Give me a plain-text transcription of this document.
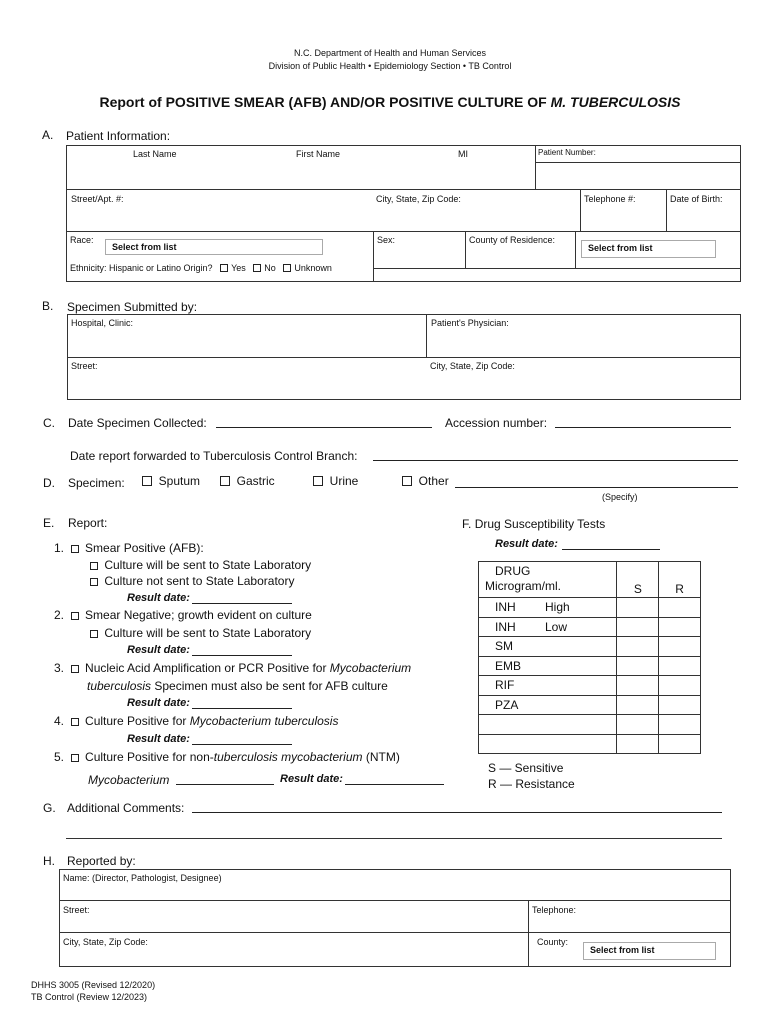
N.C. Department of Health and Human Services
Division of Public Health • Epidemiology Section • TB Control
Report of POSITIVE SMEAR (AFB) AND/OR POSITIVE CULTURE OF M. TUBERCULOSIS
A. Patient Information:
Last Name	First Name	MI	Patient Number:
Street/Apt. #:	City, State, Zip Code:	Telephone #:	Date of Birth:
Race:
Select from list
Sex:	County of Residence:
Select from list
Ethnicity: Hispanic or Latino Origin? Yes No Unknown
B. Specimen Submitted by:
Hospital, Clinic:	Patient's Physician:
Street:	City, State, Zip Code:
C. Date Specimen Collected:	Accession number:
Date report forwarded to Tuberculosis Control Branch:
D. Specimen:	Sputum	Gastric	Urine	Other
(Specify)
E. Report:
1. Smear Positive (AFB):
Culture will be sent to State Laboratory
Culture not sent to State Laboratory
Result date:
2. Smear Negative; growth evident on culture
Culture will be sent to State Laboratory
Result date:
3. Nucleic Acid Amplification or PCR Positive for Mycobacterium
tuberculosis Specimen must also be sent for AFB culture
Result date:
4. Culture Positive for Mycobacterium tuberculosis
Result date:
5. Culture Positive for non-tuberculosis mycobacterium (NTM)
Mycobacterium	Result date:
F. Drug Susceptibility Tests
Result date:
DRUG
Microgram/ml.	S	R
INH High		
INH Low		
SM		
EMB		
RIF		
PZA		

S — Sensitive
R — Resistance
G. Additional Comments:
H. Reported by:
Name: (Director, Pathologist, Designee)
Street:	Telephone:
City, State, Zip Code:	County:
Select from list
DHHS 3005 (Revised 12/2020)
TB Control (Review 12/2023)
